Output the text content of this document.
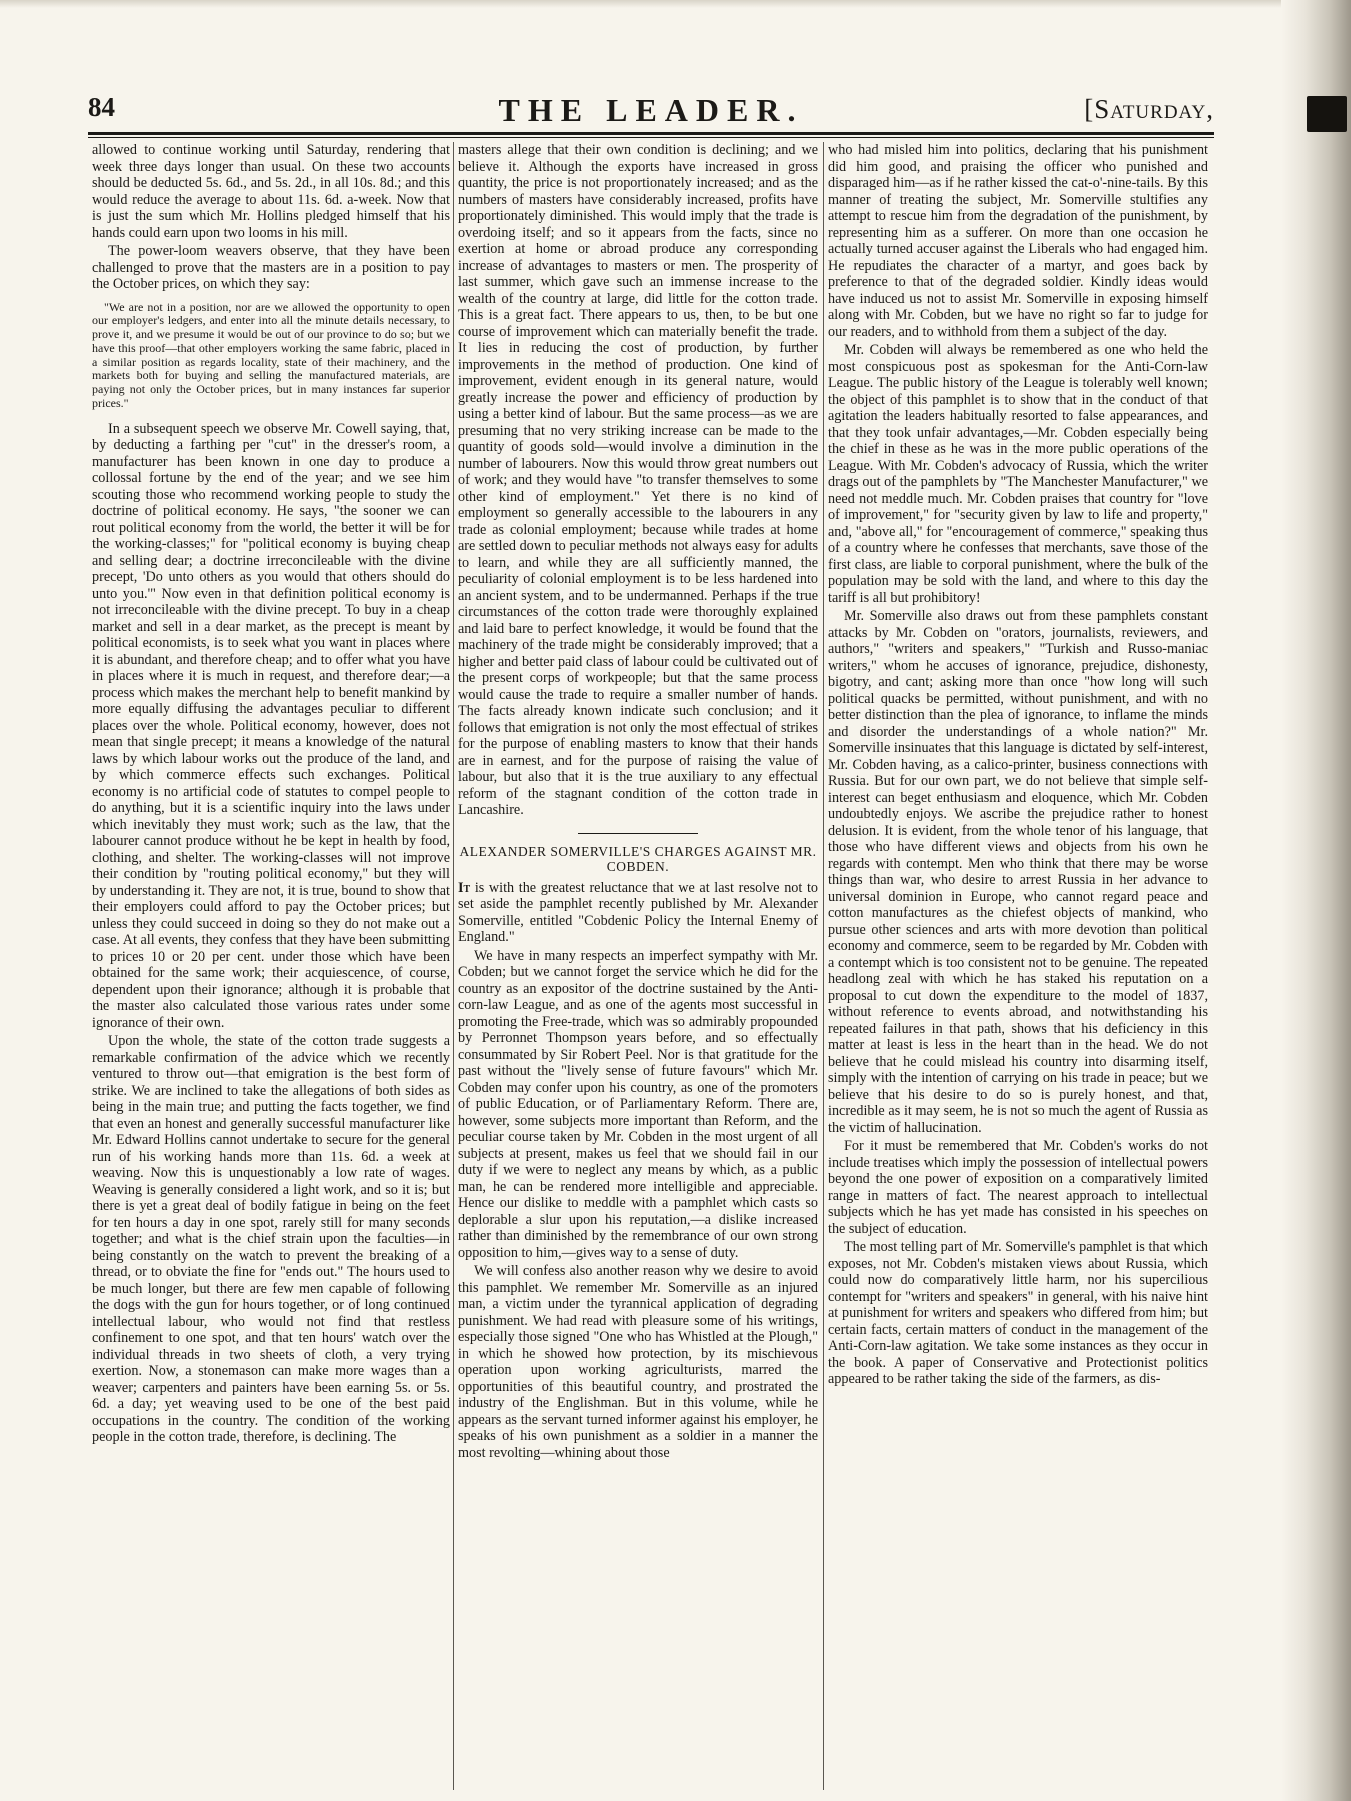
84	THE LEADER.	[Saturday,

allowed to continue working until Saturday, rendering that week three days longer than usual. On these two accounts should be deducted 5s. 6d., and 5s. 2d., in all 10s. 8d.; and this would reduce the average to about 11s. 6d. a-week. Now that is just the sum which Mr. Hollins pledged himself that his hands could earn upon two looms in his mill.

The power-loom weavers observe, that they have been challenged to prove that the masters are in a position to pay the October prices, on which they say:

"We are not in a position, nor are we allowed the opportunity to open our employer's ledgers, and enter into all the minute details necessary, to prove it, and we presume it would be out of our province to do so; but we have this proof—that other employers working the same fabric, placed in a similar position as regards locality, state of their machinery, and the markets both for buying and selling the manufactured materials, are paying not only the October prices, but in many instances far superior prices."

In a subsequent speech we observe Mr. Cowell saying, that, by deducting a farthing per "cut" in the dresser's room, a manufacturer has been known in one day to produce a collossal fortune by the end of the year; and we see him scouting those who recommend working people to study the doctrine of political economy. He says, "the sooner we can rout political economy from the world, the better it will be for the working-classes;" for "political economy is buying cheap and selling dear; a doctrine irreconcileable with the divine precept, 'Do unto others as you would that others should do unto you.'" Now even in that definition political economy is not irreconcileable with the divine precept. To buy in a cheap market and sell in a dear market, as the precept is meant by political economists, is to seek what you want in places where it is abundant, and therefore cheap; and to offer what you have in places where it is much in request, and therefore dear;—a process which makes the merchant help to benefit mankind by more equally diffusing the advantages peculiar to different places over the whole. Political economy, however, does not mean that single precept; it means a knowledge of the natural laws by which labour works out the produce of the land, and by which commerce effects such exchanges. Political economy is no artificial code of statutes to compel people to do anything, but it is a scientific inquiry into the laws under which inevitably they must work; such as the law, that the labourer cannot produce without he be kept in health by food, clothing, and shelter. The working-classes will not improve their condition by "routing political economy," but they will by understanding it. They are not, it is true, bound to show that their employers could afford to pay the October prices; but unless they could succeed in doing so they do not make out a case. At all events, they confess that they have been submitting to prices 10 or 20 per cent. under those which have been obtained for the same work; their acquiescence, of course, dependent upon their ignorance; although it is probable that the master also calculated those various rates under some ignorance of their own.

Upon the whole, the state of the cotton trade suggests a remarkable confirmation of the advice which we recently ventured to throw out—that emigration is the best form of strike. We are inclined to take the allegations of both sides as being in the main true; and putting the facts together, we find that even an honest and generally successful manufacturer like Mr. Edward Hollins cannot undertake to secure for the general run of his working hands more than 11s. 6d. a week at weaving. Now this is unquestionably a low rate of wages. Weaving is generally considered a light work, and so it is; but there is yet a great deal of bodily fatigue in being on the feet for ten hours a day in one spot, rarely still for many seconds together; and what is the chief strain upon the faculties—in being constantly on the watch to prevent the breaking of a thread, or to obviate the fine for "ends out." The hours used to be much longer, but there are few men capable of following the dogs with the gun for hours together, or of long continued intellectual labour, who would not find that restless confinement to one spot, and that ten hours' watch over the individual threads in two sheets of cloth, a very trying exertion. Now, a stonemason can make more wages than a weaver; carpenters and painters have been earning 5s. or 5s. 6d. a day; yet weaving used to be one of the best paid occupations in the country. The condition of the working people in the cotton trade, therefore, is declining. The

masters allege that their own condition is declining; and we believe it. Although the exports have increased in gross quantity, the price is not proportionately increased; and as the numbers of masters have considerably increased, profits have proportionately diminished. This would imply that the trade is overdoing itself; and so it appears from the facts, since no exertion at home or abroad produce any corresponding increase of advantages to masters or men. The prosperity of last summer, which gave such an immense increase to the wealth of the country at large, did little for the cotton trade. This is a great fact. There appears to us, then, to be but one course of improvement which can materially benefit the trade. It lies in reducing the cost of production, by further improvements in the method of production. One kind of improvement, evident enough in its general nature, would greatly increase the power and efficiency of production by using a better kind of labour. But the same process—as we are presuming that no very striking increase can be made to the quantity of goods sold—would involve a diminution in the number of labourers. Now this would throw great numbers out of work; and they would have "to transfer themselves to some other kind of employment." Yet there is no kind of employment so generally accessible to the labourers in any trade as colonial employment; because while trades at home are settled down to peculiar methods not always easy for adults to learn, and while they are all sufficiently manned, the peculiarity of colonial employment is to be less hardened into an ancient system, and to be undermanned. Perhaps if the true circumstances of the cotton trade were thoroughly explained and laid bare to perfect knowledge, it would be found that the machinery of the trade might be considerably improved; that a higher and better paid class of labour could be cultivated out of the present corps of workpeople; but that the same process would cause the trade to require a smaller number of hands. The facts already known indicate such conclusion; and it follows that emigration is not only the most effectual of strikes for the purpose of enabling masters to know that their hands are in earnest, and for the purpose of raising the value of labour, but also that it is the true auxiliary to any effectual reform of the stagnant condition of the cotton trade in Lancashire.

ALEXANDER SOMERVILLE'S CHARGES AGAINST MR. COBDEN.

It is with the greatest reluctance that we at last resolve not to set aside the pamphlet recently published by Mr. Alexander Somerville, entitled "Cobdenic Policy the Internal Enemy of England."

We have in many respects an imperfect sympathy with Mr. Cobden; but we cannot forget the service which he did for the country as an expositor of the doctrine sustained by the Anti-corn-law League, and as one of the agents most successful in promoting the Free-trade, which was so admirably propounded by Perronnet Thompson years before, and so effectually consummated by Sir Robert Peel. Nor is that gratitude for the past without the "lively sense of future favours" which Mr. Cobden may confer upon his country, as one of the promoters of public Education, or of Parliamentary Reform. There are, however, some subjects more important than Reform, and the peculiar course taken by Mr. Cobden in the most urgent of all subjects at present, makes us feel that we should fail in our duty if we were to neglect any means by which, as a public man, he can be rendered more intelligible and appreciable. Hence our dislike to meddle with a pamphlet which casts so deplorable a slur upon his reputation,—a dislike increased rather than diminished by the remembrance of our own strong opposition to him,—gives way to a sense of duty.

We will confess also another reason why we desire to avoid this pamphlet. We remember Mr. Somerville as an injured man, a victim under the tyrannical application of degrading punishment. We had read with pleasure some of his writings, especially those signed "One who has Whistled at the Plough," in which he showed how protection, by its mischievous operation upon working agriculturists, marred the opportunities of this beautiful country, and prostrated the industry of the Englishman. But in this volume, while he appears as the servant turned informer against his employer, he speaks of his own punishment as a soldier in a manner the most revolting—whining about those

who had misled him into politics, declaring that his punishment did him good, and praising the officer who punished and disparaged him—as if he rather kissed the cat-o'-nine-tails. By this manner of treating the subject, Mr. Somerville stultifies any attempt to rescue him from the degradation of the punishment, by representing him as a sufferer. On more than one occasion he actually turned accuser against the Liberals who had engaged him. He repudiates the character of a martyr, and goes back by preference to that of the degraded soldier. Kindly ideas would have induced us not to assist Mr. Somerville in exposing himself along with Mr. Cobden, but we have no right so far to judge for our readers, and to withhold from them a subject of the day.

Mr. Cobden will always be remembered as one who held the most conspicuous post as spokesman for the Anti-Corn-law League. The public history of the League is tolerably well known; the object of this pamphlet is to show that in the conduct of that agitation the leaders habitually resorted to false appearances, and that they took unfair advantages,—Mr. Cobden especially being the chief in these as he was in the more public operations of the League. With Mr. Cobden's advocacy of Russia, which the writer drags out of the pamphlets by "The Manchester Manufacturer," we need not meddle much. Mr. Cobden praises that country for "love of improvement," for "security given by law to life and property," and, "above all," for "encouragement of commerce," speaking thus of a country where he confesses that merchants, save those of the first class, are liable to corporal punishment, where the bulk of the population may be sold with the land, and where to this day the tariff is all but prohibitory!

Mr. Somerville also draws out from these pamphlets constant attacks by Mr. Cobden on "orators, journalists, reviewers, and authors," "writers and speakers," "Turkish and Russo-maniac writers," whom he accuses of ignorance, prejudice, dishonesty, bigotry, and cant; asking more than once "how long will such political quacks be permitted, without punishment, and with no better distinction than the plea of ignorance, to inflame the minds and disorder the understandings of a whole nation?" Mr. Somerville insinuates that this language is dictated by self-interest, Mr. Cobden having, as a calico-printer, business connections with Russia. But for our own part, we do not believe that simple self-interest can beget enthusiasm and eloquence, which Mr. Cobden undoubtedly enjoys. We ascribe the prejudice rather to honest delusion. It is evident, from the whole tenor of his language, that those who have different views and objects from his own he regards with contempt. Men who think that there may be worse things than war, who desire to arrest Russia in her advance to universal dominion in Europe, who cannot regard peace and cotton manufactures as the chiefest objects of mankind, who pursue other sciences and arts with more devotion than political economy and commerce, seem to be regarded by Mr. Cobden with a contempt which is too consistent not to be genuine. The repeated headlong zeal with which he has staked his reputation on a proposal to cut down the expenditure to the model of 1837, without reference to events abroad, and notwithstanding his repeated failures in that path, shows that his deficiency in this matter at least is less in the heart than in the head. We do not believe that he could mislead his country into disarming itself, simply with the intention of carrying on his trade in peace; but we believe that his desire to do so is purely honest, and that, incredible as it may seem, he is not so much the agent of Russia as the victim of hallucination.

For it must be remembered that Mr. Cobden's works do not include treatises which imply the possession of intellectual powers beyond the one power of exposition on a comparatively limited range in matters of fact. The nearest approach to intellectual subjects which he has yet made has consisted in his speeches on the subject of education.

The most telling part of Mr. Somerville's pamphlet is that which exposes, not Mr. Cobden's mistaken views about Russia, which could now do comparatively little harm, nor his supercilious contempt for "writers and speakers" in general, with his naive hint at punishment for writers and speakers who differed from him; but certain facts, certain matters of conduct in the management of the Anti-Corn-law agitation. We take some instances as they occur in the book. A paper of Conservative and Protectionist politics appeared to be rather taking the side of the farmers, as dis-
